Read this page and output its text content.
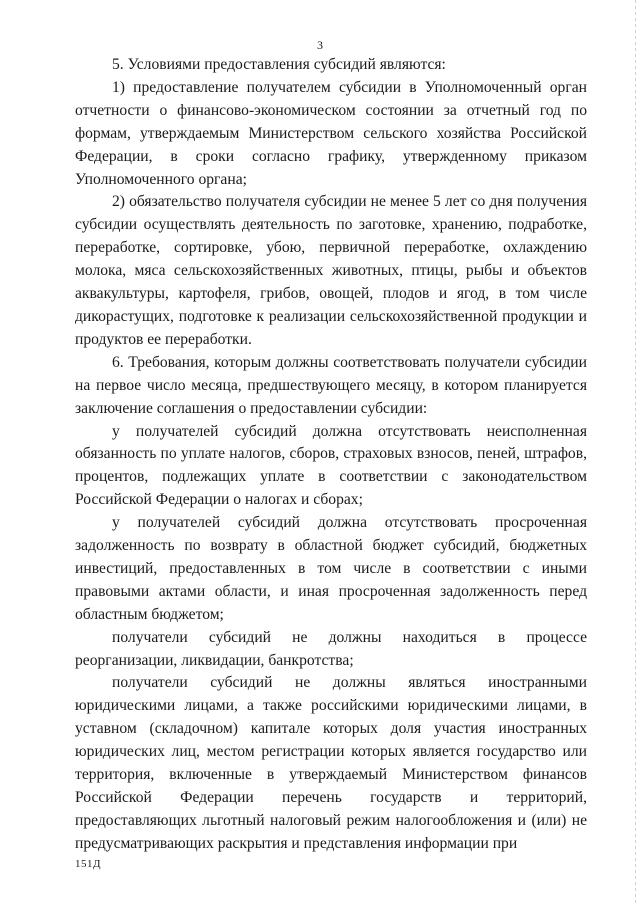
3

5. Условиями предоставления субсидий являются:

1) предоставление получателем субсидии в Уполномоченный орган отчетности о финансово-экономическом состоянии за отчетный год по формам, утверждаемым Министерством сельского хозяйства Российской Федерации, в сроки согласно графику, утвержденному приказом Уполномоченного органа;

2) обязательство получателя субсидии не менее 5 лет со дня получения субсидии осуществлять деятельность по заготовке, хранению, подработке, переработке, сортировке, убою, первичной переработке, охлаждению молока, мяса сельскохозяйственных животных, птицы, рыбы и объектов аквакультуры, картофеля, грибов, овощей, плодов и ягод, в том числе дикорастущих, подготовке к реализации сельскохозяйственной продукции и продуктов ее переработки.

6. Требования, которым должны соответствовать получатели субсидии на первое число месяца, предшествующего месяцу, в котором планируется заключение соглашения о предоставлении субсидии:

у получателей субсидий должна отсутствовать неисполненная обязанность по уплате налогов, сборов, страховых взносов, пеней, штрафов, процентов, подлежащих уплате в соответствии с законодательством Российской Федерации о налогах и сборах;

у получателей субсидий должна отсутствовать просроченная задолженность по возврату в областной бюджет субсидий, бюджетных инвестиций, предоставленных в том числе в соответствии с иными правовыми актами области, и иная просроченная задолженность перед областным бюджетом;

получатели субсидий не должны находиться в процессе реорганизации, ликвидации, банкротства;

получатели субсидий не должны являться иностранными юридическими лицами, а также российскими юридическими лицами, в уставном (складочном) капитале которых доля участия иностранных юридических лиц, местом регистрации которых является государство или территория, включенные в утверждаемый Министерством финансов Российской Федерации перечень государств и территорий, предоставляющих льготный налоговый режим налогообложения и (или) не предусматривающих раскрытия и представления информации при

151Д
